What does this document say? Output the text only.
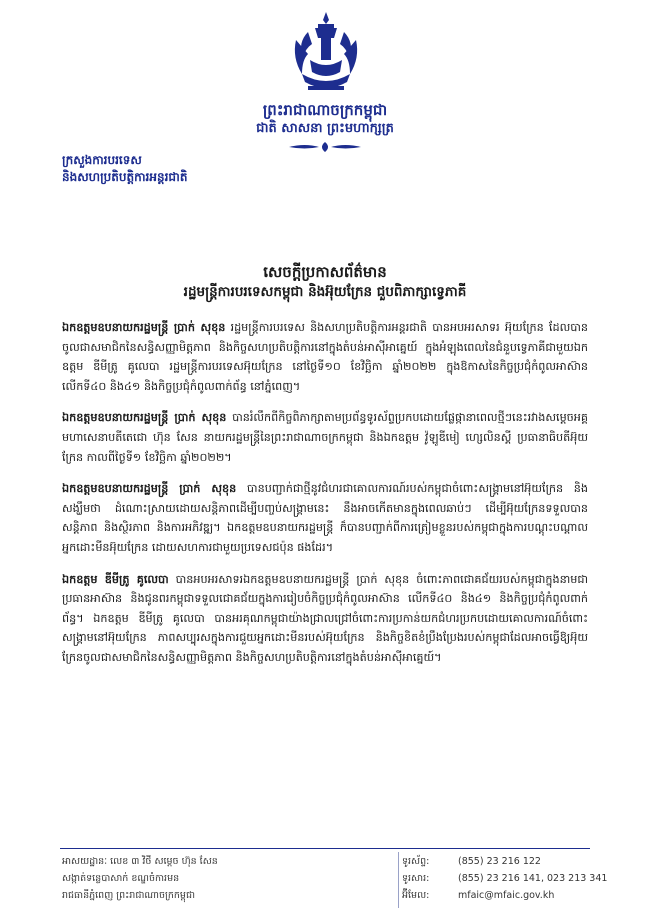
ព្រះរាជាណាចក្រកម្ពុជា
ជាតិ សាសនា ព្រះមហាក្សត្រ
ក្រសួងការបរទេស
និងសហប្រតិបត្តិការអន្តរជាតិ
សេចក្តីប្រកាសព័ត៌មាន
រដ្ឋមន្ត្រីការបរទេសកម្ពុជា និងអ៊ុយក្រែន ជួបពិភាក្សាទ្វេភាគី

ឯកឧត្តមឧបនាយករដ្ឋមន្ត្រី ប្រាក់ សុខុន រដ្ឋមន្ត្រីការបរទេស និងសហប្រតិបត្តិការអន្តរជាតិ បានអបអរសាទរ អ៊ុយក្រែន ដែលបានចូលជាសមាជិកនៃសន្ធិសញ្ញាមិត្តភាព និងកិច្ចសហប្រតិបត្តិការនៅក្នុងតំបន់អាស៊ីអាគ្នេយ៍ ក្នុងអំឡុងពេលនៃជំនួបទ្វេភាគីជាមួយឯកឧត្តម ឌីមីត្រូ គូលេបា រដ្ឋមន្ត្រីការបរទេសអ៊ុយក្រែន នៅថ្ងៃទី១០ ខែវិច្ឆិកា ឆ្នាំ២០២២ ក្នុងឱកាសនៃកិច្ចប្រជុំកំពូលអាស៊ាន លើកទី៤០ និង៤១ និងកិច្ចប្រជុំកំពូលពាក់ព័ន្ធ នៅភ្នំពេញ។

ឯកឧត្តមឧបនាយករដ្ឋមន្ត្រី ប្រាក់ សុខុន បានរំលឹកពីកិច្ចពិភាក្សាតាមប្រព័ន្ធទូរស័ព្ទប្រកបដោយផ្លែផ្កានាពេលថ្មីៗនេះរវាងសម្តេចអគ្គមហាសេនាបតីតេជោ ហ៊ុន សែន នាយករដ្ឋមន្ត្រីនៃព្រះរាជាណាចក្រកម្ពុជា និងឯកឧត្តម វ៉ូឡូឌីមៀ ហ្សេលិនស្គី ប្រធានាធិបតីអ៊ុយក្រែន កាលពីថ្ងៃទី១ ខែវិច្ឆិកា ឆ្នាំ២០២២។

ឯកឧត្តមឧបនាយករដ្ឋមន្ត្រី ប្រាក់ សុខុន បានបញ្ជាក់ជាថ្មីនូវជំហរជាគោលការណ៍របស់កម្ពុជាចំពោះសង្គ្រាមនៅអ៊ុយក្រែន និងសង្ឃឹមថា ដំណោះស្រាយដោយសន្តិភាពដើម្បីបញ្ចប់សង្គ្រាមនេះ នឹងអាចកើតមានក្នុងពេលឆាប់ៗ ដើម្បីអ៊ុយក្រែនទទួលបានសន្តិភាព និងស្ថិរភាព និងការអភិវឌ្ឍ។ ឯកឧត្តមឧបនាយករដ្ឋមន្ត្រី ក៏បានបញ្ជាក់ពីការត្រៀមខ្លួនរបស់កម្ពុជាក្នុងការបណ្តុះបណ្តាលអ្នកដោះមីនអ៊ុយក្រែន ដោយសហការជាមួយប្រទេសជប៉ុន ផងដែរ។

ឯកឧត្តម ឌីមីត្រូ គូលេបា បានអបអរសាទរឯកឧត្តមឧបនាយករដ្ឋមន្ត្រី ប្រាក់ សុខុន ចំពោះភាពជោគជ័យរបស់កម្ពុជាក្នុងនាមជាប្រធានអាស៊ាន និងជូនពរកម្ពុជាទទួលជោគជ័យក្នុងការរៀបចំកិច្ចប្រជុំកំពូលអាស៊ាន លើកទី៤០ និង៤១ និងកិច្ចប្រជុំកំពូលពាក់ព័ន្ធ។ ឯកឧត្តម ឌីមីត្រូ គូលេបា បានអរគុណកម្ពុជាយ៉ាងជ្រាលជ្រៅចំពោះការប្រកាន់យកជំហរប្រកបដោយគោលការណ៍ចំពោះសង្គ្រាមនៅអ៊ុយក្រែន ភាពសប្បុរសក្នុងការជួយអ្នកដោះមីនរបស់អ៊ុយក្រែន និងកិច្ចខិតខំប្រឹងប្រែងរបស់កម្ពុជាដែលអាចធ្វើឱ្យអ៊ុយក្រែនចូលជាសមាជិកនៃសន្ធិសញ្ញាមិត្តភាព និងកិច្ចសហប្រតិបត្តិការនៅក្នុងតំបន់អាស៊ីអាគ្នេយ៍។

អាសយដ្ឋានៈ លេខ ៣ វិថី សម្ដេច ហ៊ុន សែន
សង្កាត់ទន្លេបាសាក់ ខណ្ឌចំការមន
រាជធានីភ្នំពេញ ព្រះរាជាណាចក្រកម្ពុជា
ទូរស័ព្ទ:	(855) 23 216 122
ទូរសារ:	(855) 23 216 141, 023 213 341
អ៊ីមែល:	mfaic@mfaic.gov.kh
